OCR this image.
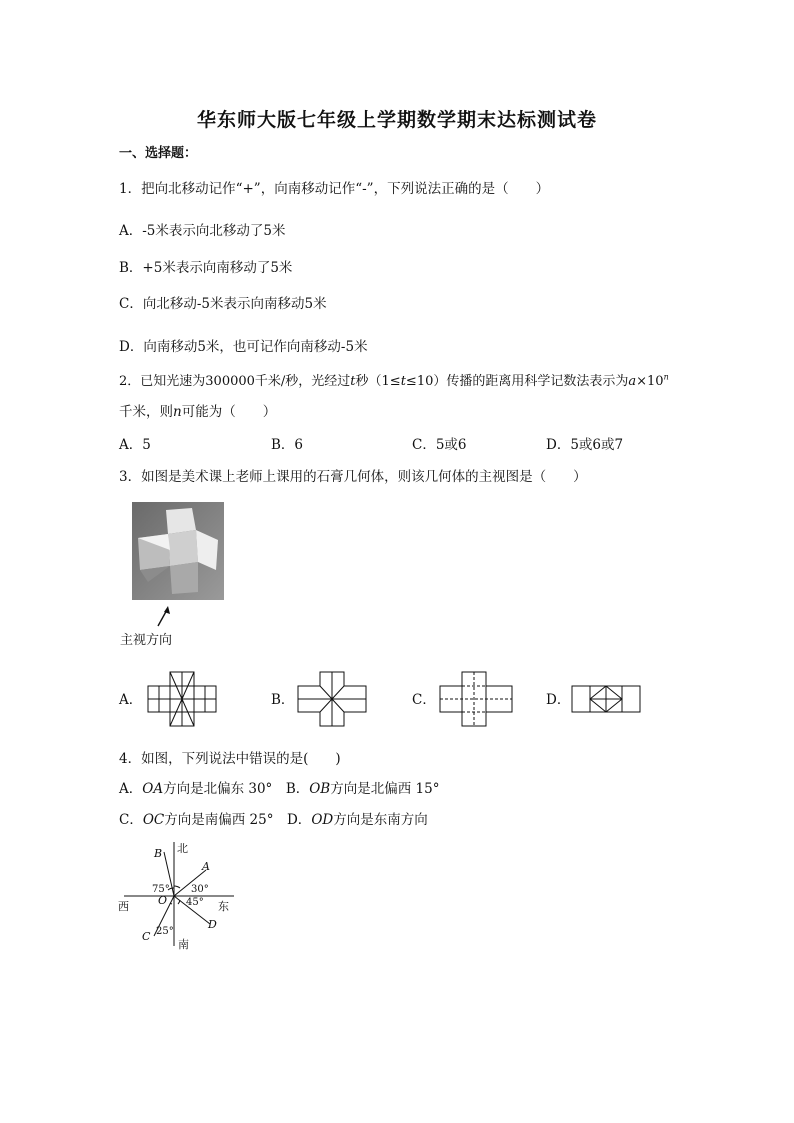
华东师大版七年级上学期数学期末达标测试卷
一、选择题：
1．把向北移动记作“+”，向南移动记作“-”，下列说法正确的是（　　）
A．-5米表示向北移动了5米
B．+5米表示向南移动了5米
C．向北移动-5米表示向南移动5米
D．向南移动5米，也可记作向南移动-5米
2．已知光速为300000千米/秒，光经过t秒（1≤t≤10）传播的距离用科学记数法表示为$a\times 10^n$
千米，则n可能为（　　）
A．5	B．6	C．5或6	D．5或6或7
3．如图是美术课上老师上课用的石膏几何体，则该几何体的主视图是（　　）
主视方向
A．	B．	C．	D．
4．如图，下列说法中错误的是(　　)
A．OA方向是北偏东 30°　 B．OB方向是北偏西 15°
C．OC方向是南偏西 25°　 D．OD方向是东南方向
北
南
西	东
O
A
B
C
D
75° 30°
45°
25°
